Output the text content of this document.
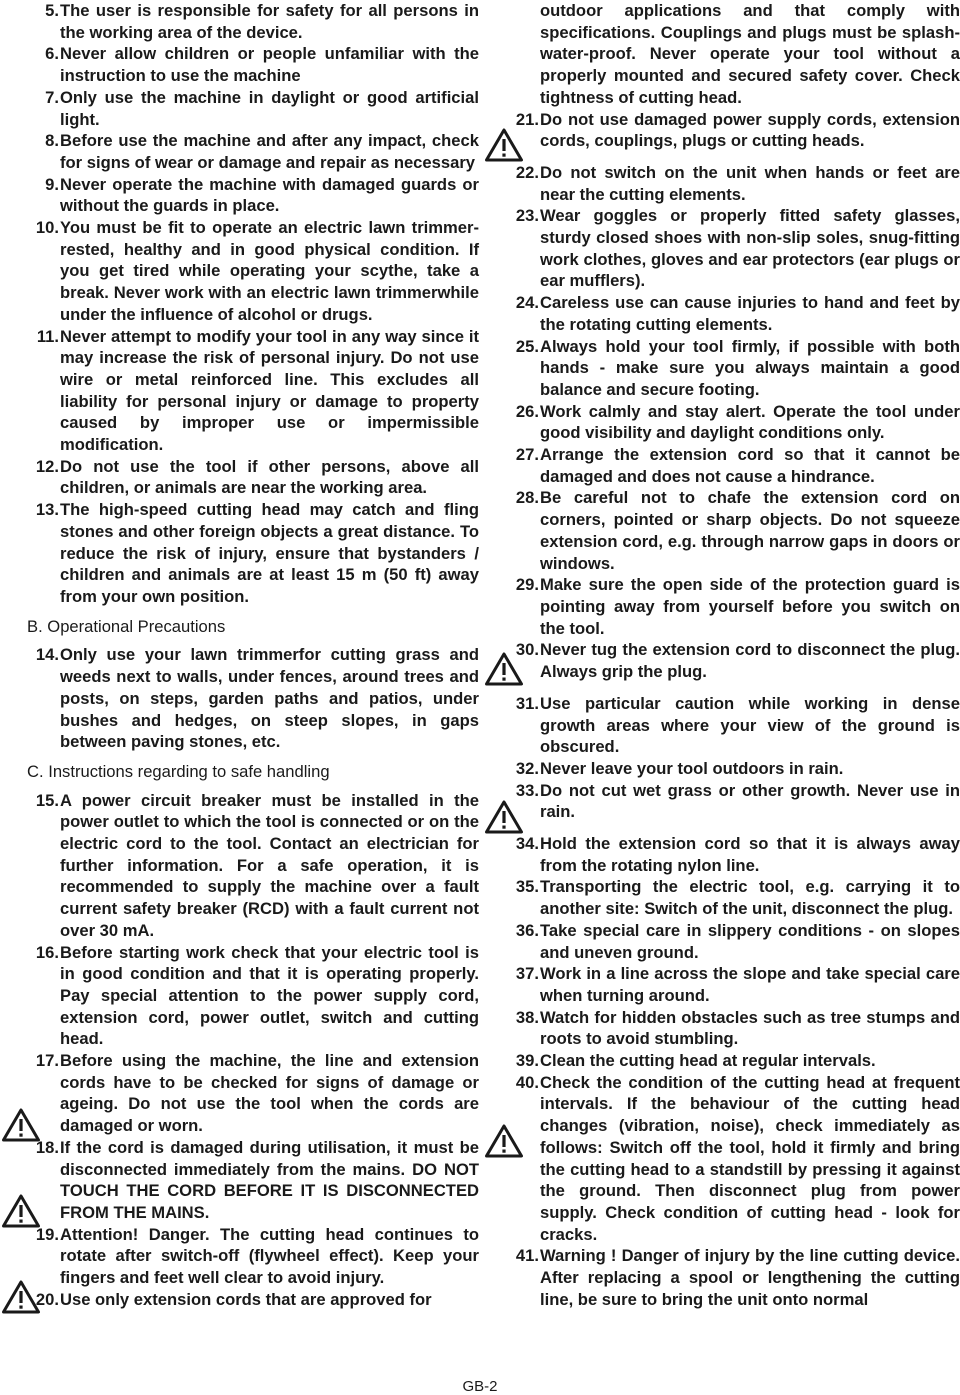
5. The user is responsible for safety for all persons in the working area of the device.
6. Never allow children or people unfamiliar with the instruction to use the machine
7. Only use the machine in daylight or good artificial light.
8. Before use the machine and after any impact, check for signs of wear or damage and repair as necessary
9. Never operate the machine with damaged guards or without the guards in place.
10. You must be fit to operate an electric lawn trimmer- rested, healthy and in good physical condition. If you get tired while operating your scythe, take a break. Never work with an electric lawn trimmerwhile under the influence of alcohol or drugs.
11. Never attempt to modify your tool in any way since it may increase the risk of personal injury. Do not use wire or metal reinforced line. This excludes all liability for personal injury or damage to property caused by improper use or impermissible modification.
12. Do not use the tool if other persons, above all children, or animals are near the working area.
13. The high-speed cutting head may catch and fling stones and other foreign objects a great distance. To reduce the risk of injury, ensure that bystanders / children and animals are at least 15 m (50 ft) away from your own position.
B. Operational Precautions
14. Only use your lawn trimmerfor cutting grass and weeds next to walls, under fences, around trees and posts, on steps, garden paths and patios, under bushes and hedges, on steep slopes, in gaps between paving stones, etc.
C. Instructions regarding to safe handling
15. A power circuit breaker must be installed in the power outlet to which the tool is connected or on the electric cord to the tool. Contact an electrician for further information. For a safe operation, it is recommended to supply the machine over a fault current safety breaker (RCD) with a fault current not over 30 mA.
16. Before starting work check that your electric tool is in good condition and that it is operating properly. Pay special attention to the power supply cord, extension cord, power outlet, switch and cutting head.
17. Before using the machine, the line and extension cords have to be checked for signs of damage or ageing. Do not use the tool when the cords are damaged or worn.
18. If the cord is damaged during utilisation, it must be disconnected immediately from the mains. DO NOT TOUCH THE CORD BEFORE IT IS DISCONNECTED FROM THE MAINS.
19. Attention! Danger. The cutting head continues to rotate after switch-off (flywheel effect). Keep your fingers and feet well clear to avoid injury.
20. Use only extension cords that are approved for
outdoor applications and that comply with specifications. Couplings and plugs must be splash-water-proof. Never operate your tool without a properly mounted and secured safety cover. Check tightness of cutting head.
21. Do not use damaged power supply cords, extension cords, couplings, plugs or cutting heads.
22. Do not switch on the unit when hands or feet are near the cutting elements.
23. Wear goggles or properly fitted safety glasses, sturdy closed shoes with non-slip soles, snug-fitting work clothes, gloves and ear protectors (ear plugs or ear mufflers).
24. Careless use can cause injuries to hand and feet by the rotating cutting elements.
25. Always hold your tool firmly, if possible with both hands - make sure you always maintain a good balance and secure footing.
26. Work calmly and stay alert. Operate the tool under good visibility and daylight conditions only.
27. Arrange the extension cord so that it cannot be damaged and does not cause a hindrance.
28. Be careful not to chafe the extension cord on corners, pointed or sharp objects. Do not squeeze extension cord, e.g. through narrow gaps in doors or windows.
29. Make sure the open side of the protection guard is pointing away from yourself before you switch on the tool.
30. Never tug the extension cord to disconnect the plug. Always grip the plug.
31. Use particular caution while working in dense growth areas where your view of the ground is obscured.
32. Never leave your tool outdoors in rain.
33. Do not cut wet grass or other growth. Never use in rain.
34. Hold the extension cord so that it is always away from the rotating nylon line.
35. Transporting the electric tool, e.g. carrying it to another site: Switch of the unit, disconnect the plug.
36. Take special care in slippery conditions - on slopes and uneven ground.
37. Work in a line across the slope and take special care when turning around.
38. Watch for hidden obstacles such as tree stumps and roots to avoid stumbling.
39. Clean the cutting head at regular intervals.
40. Check the condition of the cutting head at frequent intervals. If the behaviour of the cutting head changes (vibration, noise), check immediately as follows: Switch off the tool, hold it firmly and bring the cutting head to a standstill by pressing it against the ground. Then disconnect plug from power supply. Check condition of cutting head - look for cracks.
41. Warning ! Danger of injury by the line cutting device. After replacing a spool or lengthening the cutting line, be sure to bring the unit onto normal
GB-2
